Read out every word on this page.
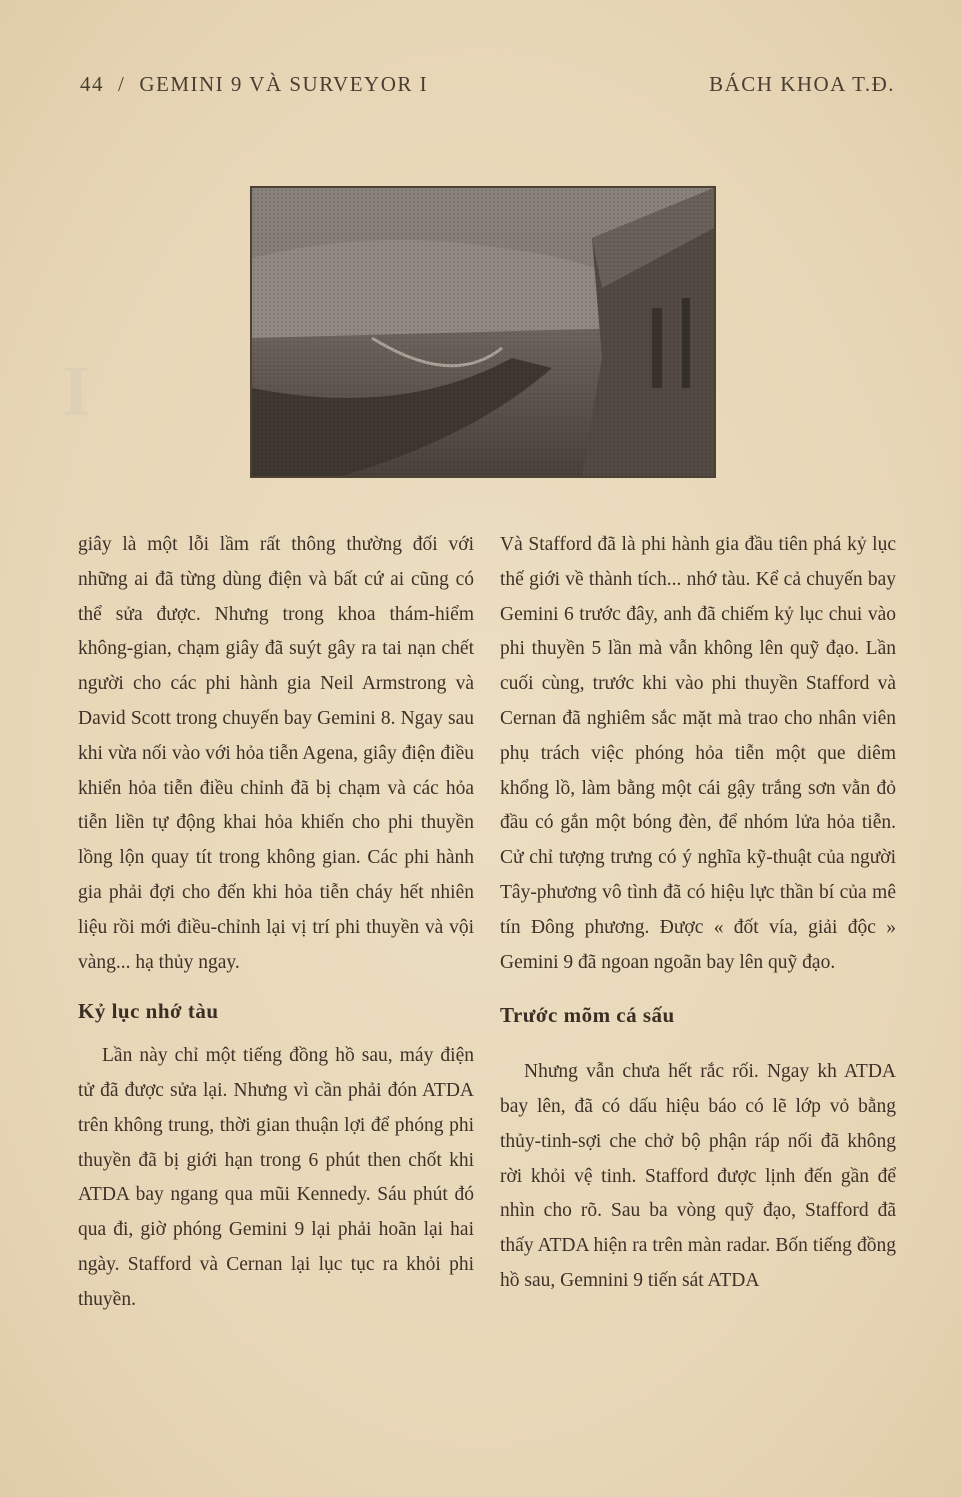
44 / GEMINI 9 VÀ SURVEYOR I	BÁCH KHOA T.Đ.
I

giây là một lỗi lầm rất thông thường đối với những ai đã từng dùng điện và bất cứ ai cũng có thể sửa được. Nhưng trong khoa thám-hiểm không-gian, chạm giây đã suýt gây ra tai nạn chết người cho các phi hành gia Neil Armstrong và David Scott trong chuyến bay Gemini 8. Ngay sau khi vừa nối vào với hỏa tiễn Agena, giây điện điều khiển hỏa tiễn điều chỉnh đã bị chạm và các hỏa tiễn liền tự động khai hỏa khiến cho phi thuyền lồng lộn quay tít trong không gian. Các phi hành gia phải đợi cho đến khi hỏa tiễn cháy hết nhiên liệu rồi mới điều-chỉnh lại vị trí phi thuyền và vội vàng... hạ thủy ngay.

Kỷ lục nhớ tàu

Lần này chỉ một tiếng đồng hồ sau, máy điện tử đã được sửa lại. Nhưng vì cần phải đón ATDA trên không trung, thời gian thuận lợi để phóng phi thuyền đã bị giới hạn trong 6 phút then chốt khi ATDA bay ngang qua mũi Kennedy. Sáu phút đó qua đi, giờ phóng Gemini 9 lại phải hoãn lại hai ngày. Stafford và Cernan lại lục tục ra khỏi phi thuyền.

Và Stafford đã là phi hành gia đầu tiên phá kỷ lục thế giới về thành tích... nhớ tàu. Kể cả chuyến bay Gemini 6 trước đây, anh đã chiếm kỷ lục chui vào phi thuyền 5 lần mà vẫn không lên quỹ đạo. Lần cuối cùng, trước khi vào phi thuyền Stafford và Cernan đã nghiêm sắc mặt mà trao cho nhân viên phụ trách việc phóng hỏa tiễn một que diêm khổng lồ, làm bằng một cái gậy trắng sơn vằn đỏ đầu có gắn một bóng đèn, để nhóm lửa hỏa tiễn. Cử chỉ tượng trưng có ý nghĩa kỹ-thuật của người Tây-phương vô tình đã có hiệu lực thần bí của mê tín Đông phương. Được « đốt vía, giải độc » Gemini 9 đã ngoan ngoãn bay lên quỹ đạo.

Trước mõm cá sấu

Nhưng vẫn chưa hết rắc rối. Ngay kh ATDA bay lên, đã có dấu hiệu báo có lẽ lớp vỏ bằng thủy-tinh-sợi che chở bộ phận ráp nối đã không rời khỏi vệ tinh. Stafford được lịnh đến gần để nhìn cho rõ. Sau ba vòng quỹ đạo, Stafford đã thấy ATDA hiện ra trên màn radar. Bốn tiếng đồng hồ sau, Gemnini 9 tiến sát ATDA
